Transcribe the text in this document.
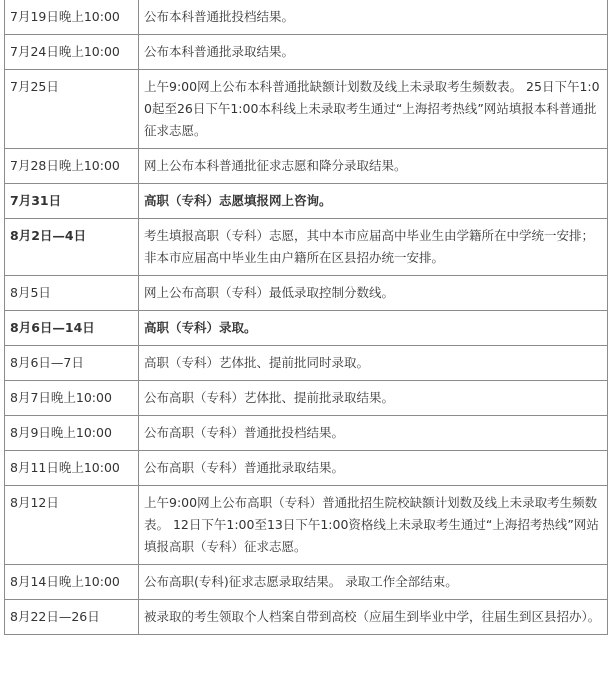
7月19日晚上10:00	公布本科普通批投档结果。
7月24日晚上10:00	公布本科普通批录取结果。
7月25日	上午9:00网上公布本科普通批缺额计划数及线上未录取考生频数表。 25日下午1:00起至26日下午1:00本科线上未录取考生通过“上海招考热线”网站填报本科普通批征求志愿。
7月28日晚上10:00	网上公布本科普通批征求志愿和降分录取结果。
7月31日	高职（专科）志愿填报网上咨询。
8月2日—4日	考生填报高职（专科）志愿，其中本市应届高中毕业生由学籍所在中学统一安排；非本市应届高中毕业生由户籍所在区县招办统一安排。
8月5日	网上公布高职（专科）最低录取控制分数线。
8月6日—14日	高职（专科）录取。
8月6日—7日	高职（专科）艺体批、提前批同时录取。
8月7日晚上10:00	公布高职（专科）艺体批、提前批录取结果。
8月9日晚上10:00	公布高职（专科）普通批投档结果。
8月11日晚上10:00	公布高职（专科）普通批录取结果。
8月12日	上午9:00网上公布高职（专科）普通批招生院校缺额计划数及线上未录取考生频数表。 12日下午1:00至13日下午1:00资格线上未录取考生通过“上海招考热线”网站填报高职（专科）征求志愿。
8月14日晚上10:00	公布高职(专科)征求志愿录取结果。 录取工作全部结束。
8月22日—26日	被录取的考生领取个人档案自带到高校（应届生到毕业中学，往届生到区县招办）。
